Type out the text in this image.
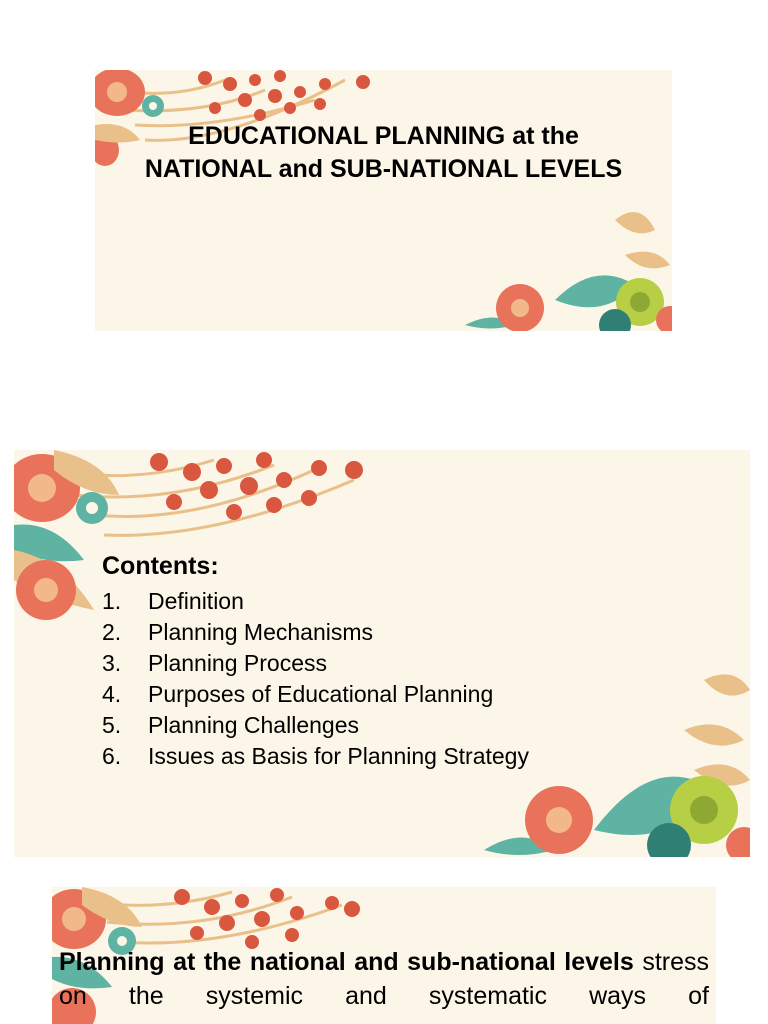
EDUCATIONAL PLANNING at the
NATIONAL and SUB-NATIONAL LEVELS
Contents:
1.	Definition
2.	Planning Mechanisms
3.	Planning Process
4.	Purposes of Educational Planning
5.	Planning Challenges
6.	Issues as Basis for Planning Strategy

Planning at the national and sub-national levels stress on the systemic and systematic ways of
